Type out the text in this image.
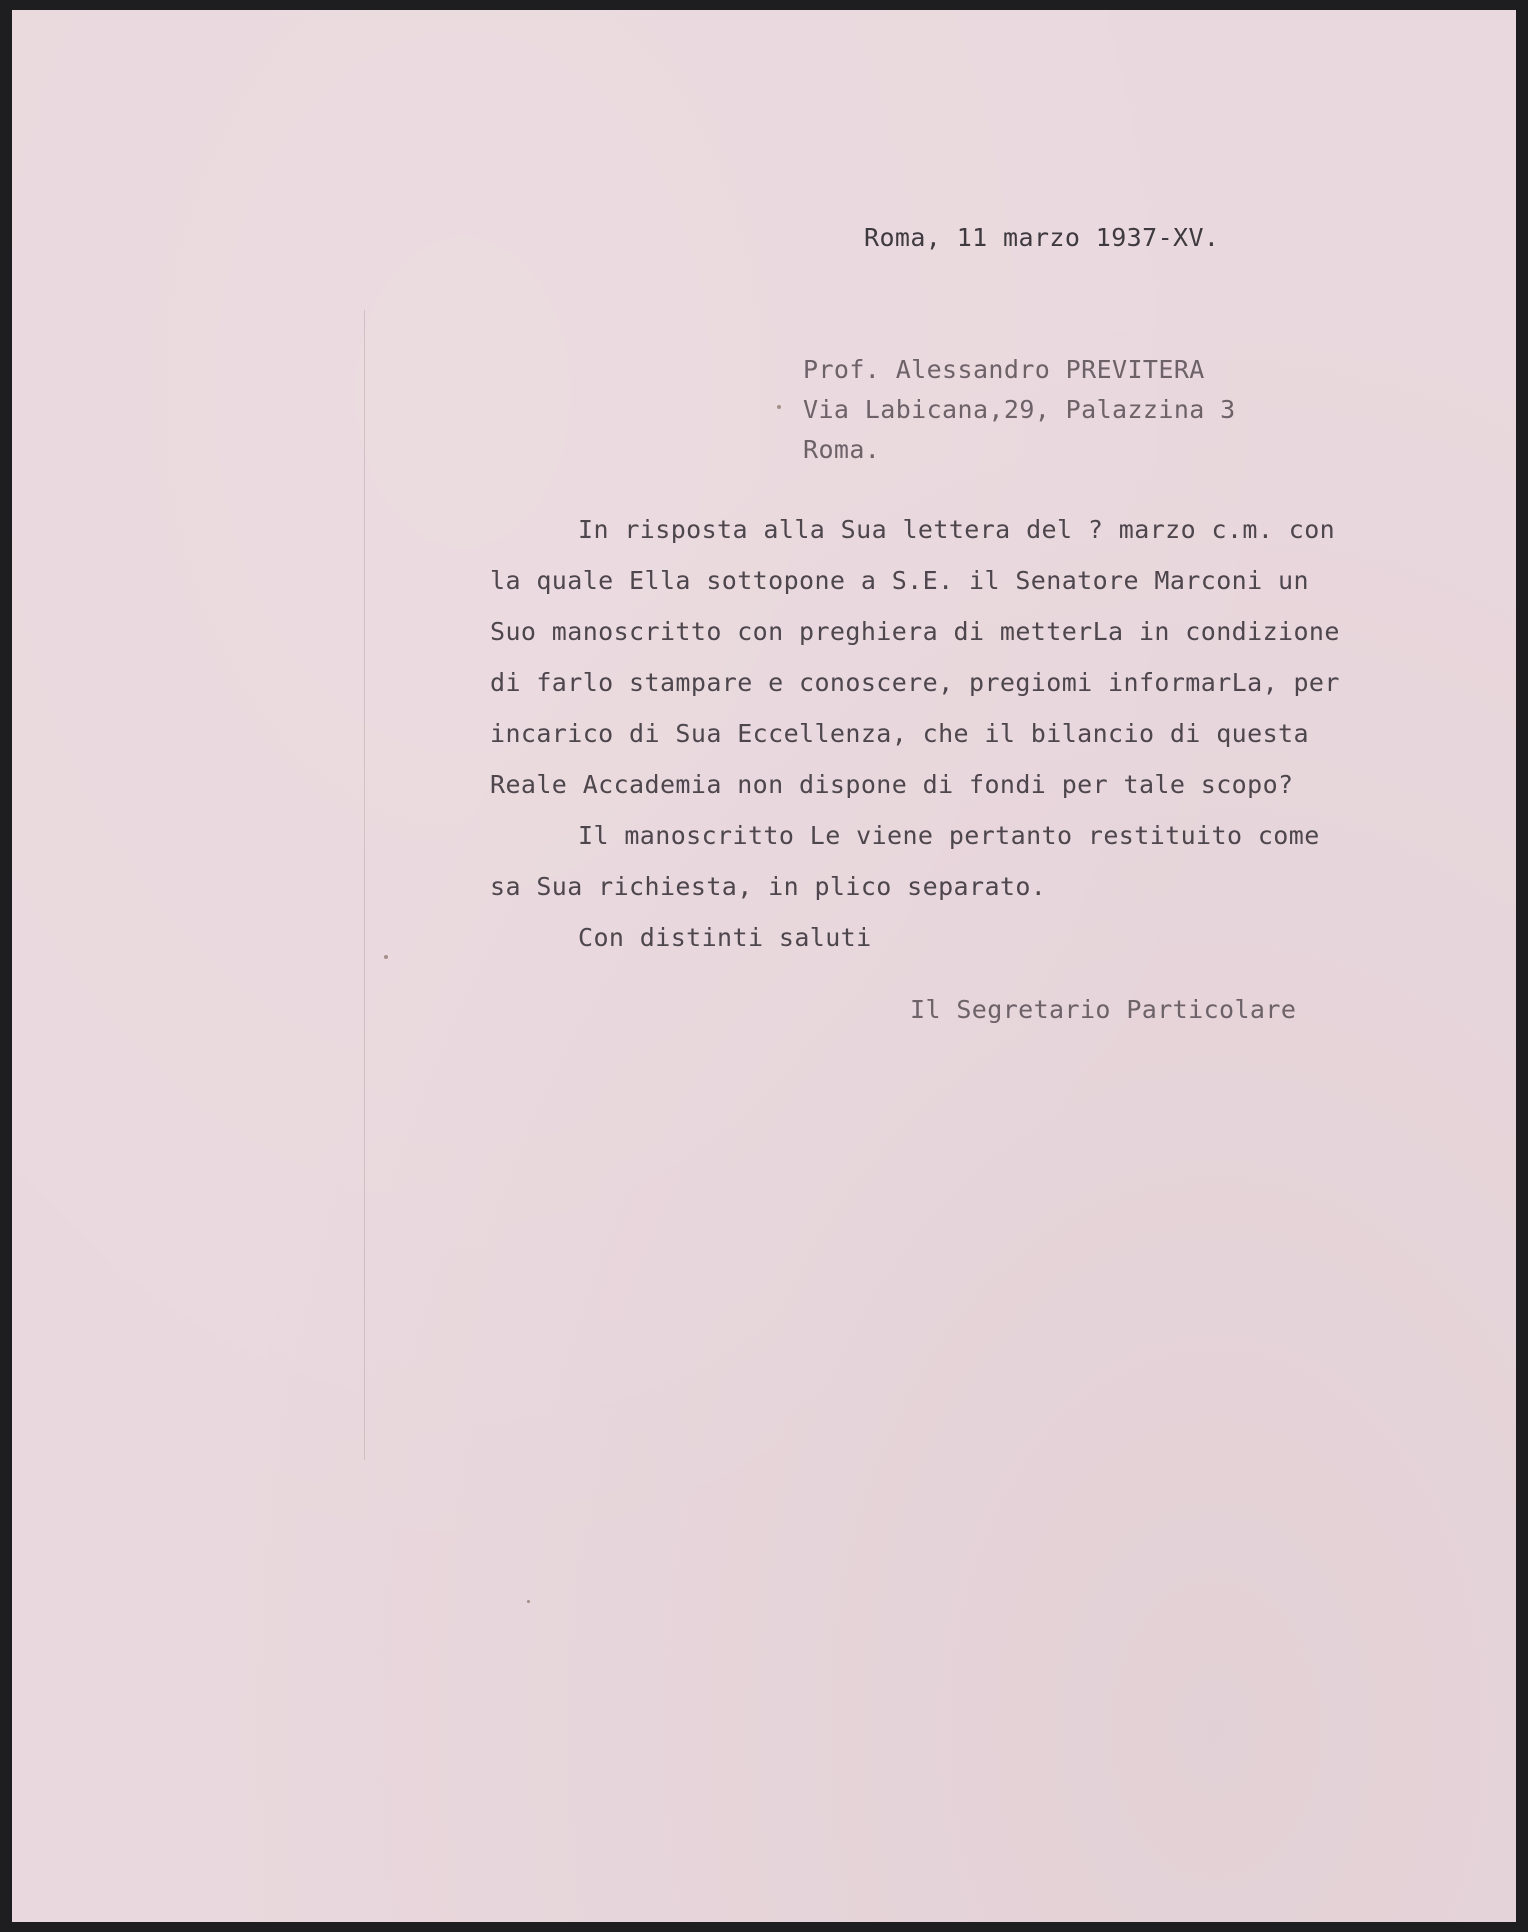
Roma, 11 marzo 1937-XV.
Prof. Alessandro PREVITERA
Via Labicana,29, Palazzina 3
Roma.
In risposta alla Sua lettera del ? marzo c.m. con
la quale Ella sottopone a S.E. il Senatore Marconi un
Suo manoscritto con preghiera di metterLa in condizione
di farlo stampare e conoscere, pregiomi informarLa, per
incarico di Sua Eccellenza, che il bilancio di questa
Reale Accademia non dispone di fondi per tale scopo?
Il manoscritto Le viene pertanto restituito come
sa Sua richiesta, in plico separato.
Con distinti saluti
Il Segretario Particolare
